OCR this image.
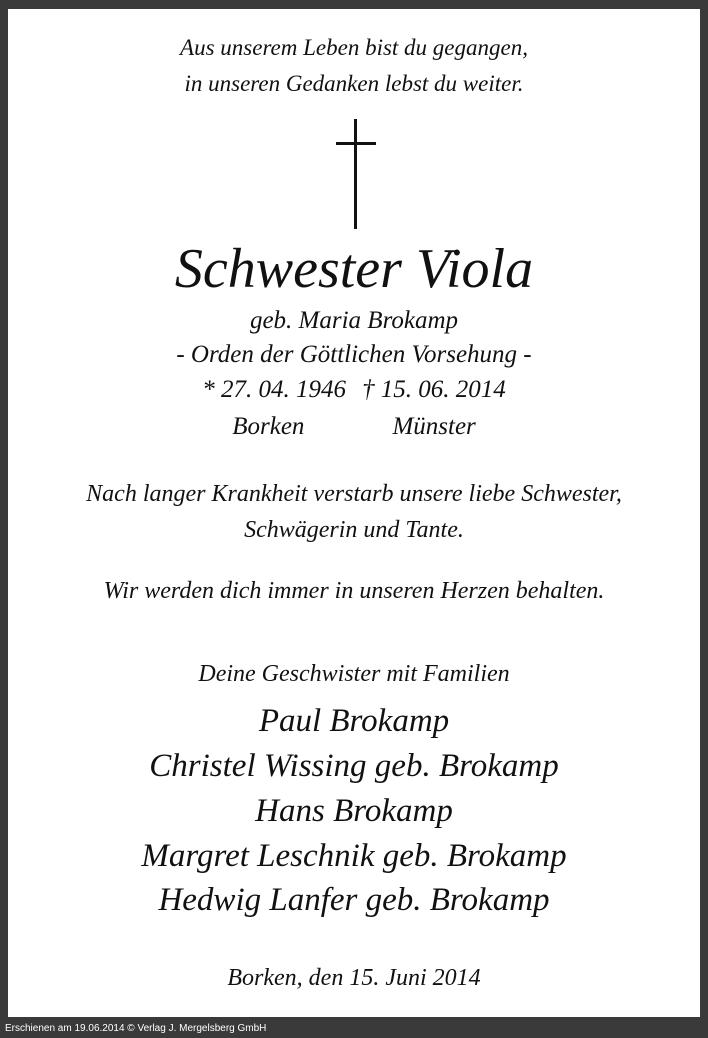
Aus unserem Leben bist du gegangen,
in unseren Gedanken lebst du weiter.
Schwester Viola
geb. Maria Brokamp
- Orden der Göttlichen Vorsehung -
* 27. 04. 1946 † 15. 06. 2014
Borken	Münster
Nach langer Krankheit verstarb unsere liebe Schwester,
Schwägerin und Tante.
Wir werden dich immer in unseren Herzen behalten.
Deine Geschwister mit Familien
Paul Brokamp
Christel Wissing geb. Brokamp
Hans Brokamp
Margret Leschnik geb. Brokamp
Hedwig Lanfer geb. Brokamp
Borken, den 15. Juni 2014
Erschienen am 19.06.2014 © Verlag J. Mergelsberg GmbH
